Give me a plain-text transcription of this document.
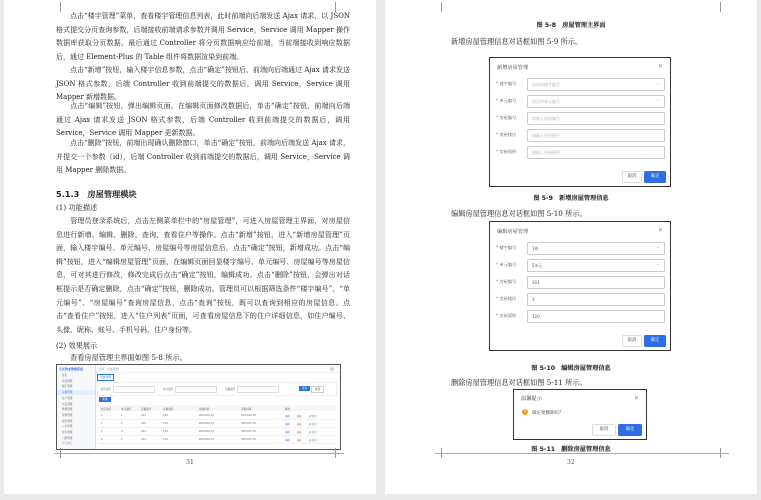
点击“楼宇管理”菜单，查看楼宇管理信息列表，此时前端向后端发送 Ajax 请求，以 JSON 格式提交分页查询参数，后端接收前端请求参数并调用 Service，Service 调用 Mapper 操作数据库获取分页数据，最后通过 Controller 将分页数据响应给前端，当前端接收到响应数据后，通过 Element-Plus 的 Table 组件将数据渲染到前端。

点击“新增”按钮，输入楼宇信息参数，点击“确定”按钮后，前端向后端通过 Ajax 请求发送 JSON 格式参数，后端 Controller 收到前端提交的数据后，调用 Service，Service 调用 Mapper 新增数据。

点击“编辑”按钮，弹出编辑页面，在编辑页面修改数据后，单击“确定”按钮，前端向后端通过 Ajax 请求发送 JSON 格式参数，后端 Controller 收到前端提交的数据后，调用 Service，Service 调用 Mapper 更新数据。

点击“删除”按钮，前端出现确认删除窗口，单击“确定”按钮，前端向后端发送 Ajax 请求，并提交一个参数（id），后端 Controller 收到前端提交的数据后，调用 Service，Service 调用 Mapper 删除数据。

5.1.3　房屋管理模块
(1) 功能描述

管理员登录系统后，点击左侧菜单栏中的“房屋管理”，可进入房屋管理主界面，对房屋信息进行新增、编辑、删除、查询、查看住户等操作。点击“新增”按钮，进入“新增房屋管理”页面，输入楼宇编号、单元编号、房屋编号等房屋信息后，点击“确定”按钮，新增成功。点击“编辑”按钮，进入“编辑房屋管理”页面，在编辑页面回显楼宇编号、单元编号、房屋编号等房屋信息，可对其进行修改，修改完成后点击“确定”按钮，编辑成功。点击“删除”按钮，会弹出对话框提示是否确定删除，点击“确定”按钮，删除成功。管理员可以根据筛选条件“楼宇编号”、“单元编号”、“房屋编号”查询房屋信息，点击“查询”按钮，既可以查询到相应的房屋信息。点击“查看住户”按钮，进入“住户列表”页面，可查看房屋信息下的住户详细信息，如住户编号、头像、昵称、账号、手机号码、住户身份等。

(2) 效果展示
查看房屋管理主界面如图 5-8 所示。
小区物业管理系统
首页
系统管理
楼宇管理
房屋管理
住户管理
车位管理
缴费管理
报修管理
投诉管理
公告管理
停车管理
门禁管理
个人中心
首页 / 房屋管理
房屋管理
楼宇编号	单元编号	房屋编号	查询	重置
新增
楼宇编号	单元编号	房屋编号	房屋面积	创建时间	更新时间	操作
1	1	101	120	2024-02-15	2024-02-15	编辑	删除	查看住户
1	1	102	100	2024-02-15	2024-02-15	编辑	删除	查看住户
1	2	201	130	2024-02-15	2024-02-15	编辑	删除	查看住户
2	1	101	110	2024-02-15	2024-02-15	编辑	删除	查看住户
31
图 5-8　房屋管理主界面
新增房屋管理信息对话框如图 5-9 所示。
新增房屋管理	✕
* 楼宇编号	请选择楼宇编号	⌄
* 单元编号	请选择单元编号	⌄
* 房屋编号	请输入房屋编号
* 房屋楼层	请输入房屋楼层
* 房屋面积	请输入房屋面积
取消	确定
图 5-9　新增房屋管理信息
编辑房屋管理信息对话框如图 5-10 所示。
编辑房屋管理	✕
* 楼宇编号	1栋	⌄
* 单元编号	5单元	⌄
* 房屋编号	301
* 房屋楼层	3
* 房屋面积	120
取消	确定
图 5-10　编辑房屋管理信息
删除房屋管理信息对话框如图 5-11 所示。
温馨提示	✕
!	确定要删除吗？
取消	确定
图 5-11　删除房屋管理信息
32
